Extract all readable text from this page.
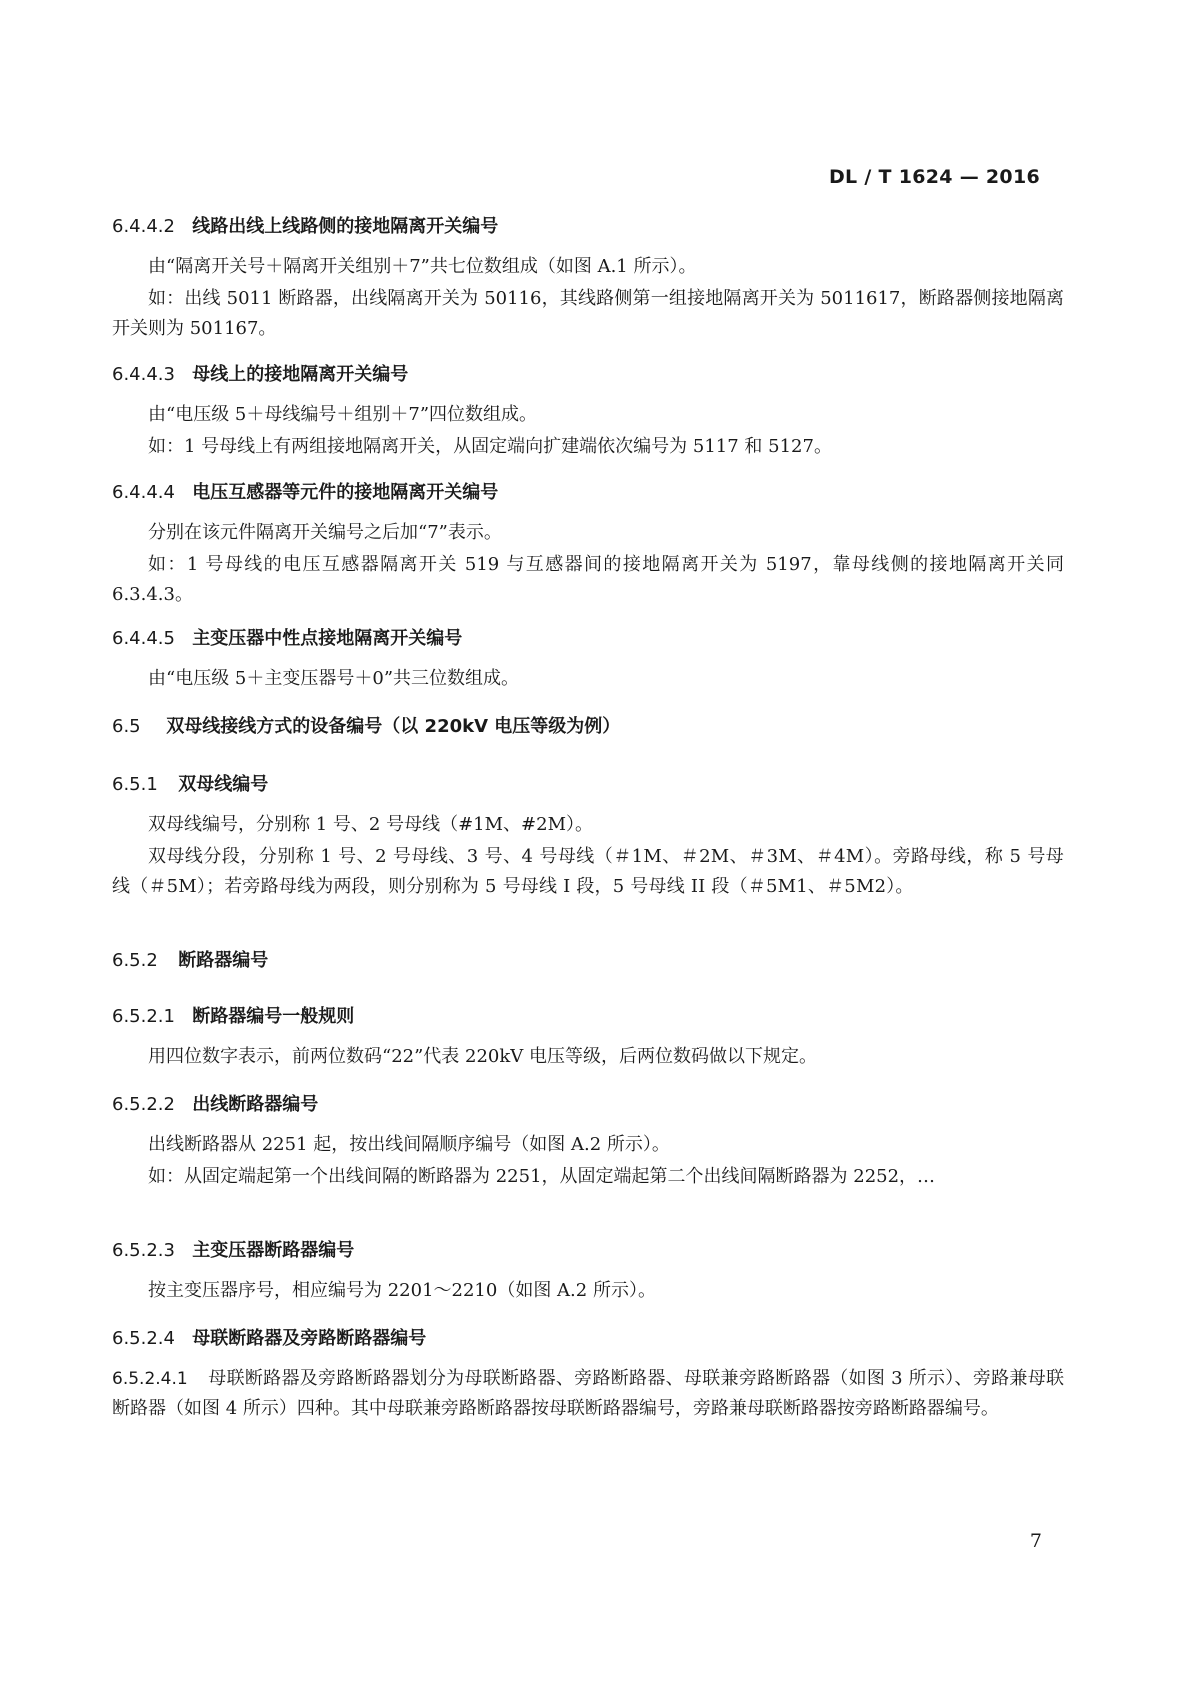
DL / T 1624 — 2016
6.4.4.2 线路出线上线路侧的接地隔离开关编号
由“隔离开关号＋隔离开关组别＋7”共七位数组成（如图 A.1 所示）。
如：出线 5011 断路器，出线隔离开关为 50116，其线路侧第一组接地隔离开关为 5011617，断路器侧接地隔离开关则为 501167。
6.4.4.3 母线上的接地隔离开关编号
由“电压级 5＋母线编号＋组别＋7”四位数组成。
如：1 号母线上有两组接地隔离开关，从固定端向扩建端依次编号为 5117 和 5127。
6.4.4.4 电压互感器等元件的接地隔离开关编号
分别在该元件隔离开关编号之后加“7”表示。
如：1 号母线的电压互感器隔离开关 519 与互感器间的接地隔离开关为 5197，靠母线侧的接地隔离开关同 6.3.4.3。
6.4.4.5 主变压器中性点接地隔离开关编号
由“电压级 5＋主变压器号＋0”共三位数组成。
6.5 双母线接线方式的设备编号（以 220kV 电压等级为例）
6.5.1 双母线编号
双母线编号，分别称 1 号、2 号母线（#1M、#2M）。
双母线分段，分别称 1 号、2 号母线、3 号、4 号母线（＃1M、＃2M、＃3M、＃4M）。旁路母线，称 5 号母线（＃5M）；若旁路母线为两段，则分别称为 5 号母线 I 段，5 号母线 II 段（＃5M1、＃5M2）。
6.5.2 断路器编号
6.5.2.1 断路器编号一般规则
用四位数字表示，前两位数码“22”代表 220kV 电压等级，后两位数码做以下规定。
6.5.2.2 出线断路器编号
出线断路器从 2251 起，按出线间隔顺序编号（如图 A.2 所示）。
如：从固定端起第一个出线间隔的断路器为 2251，从固定端起第二个出线间隔断路器为 2252，…
6.5.2.3 主变压器断路器编号
按主变压器序号，相应编号为 2201～2210（如图 A.2 所示）。
6.5.2.4 母联断路器及旁路断路器编号
6.5.2.4.1 母联断路器及旁路断路器划分为母联断路器、旁路断路器、母联兼旁路断路器（如图 3 所示）、旁路兼母联断路器（如图 4 所示）四种。其中母联兼旁路断路器按母联断路器编号，旁路兼母联断路器按旁路断路器编号。
7
